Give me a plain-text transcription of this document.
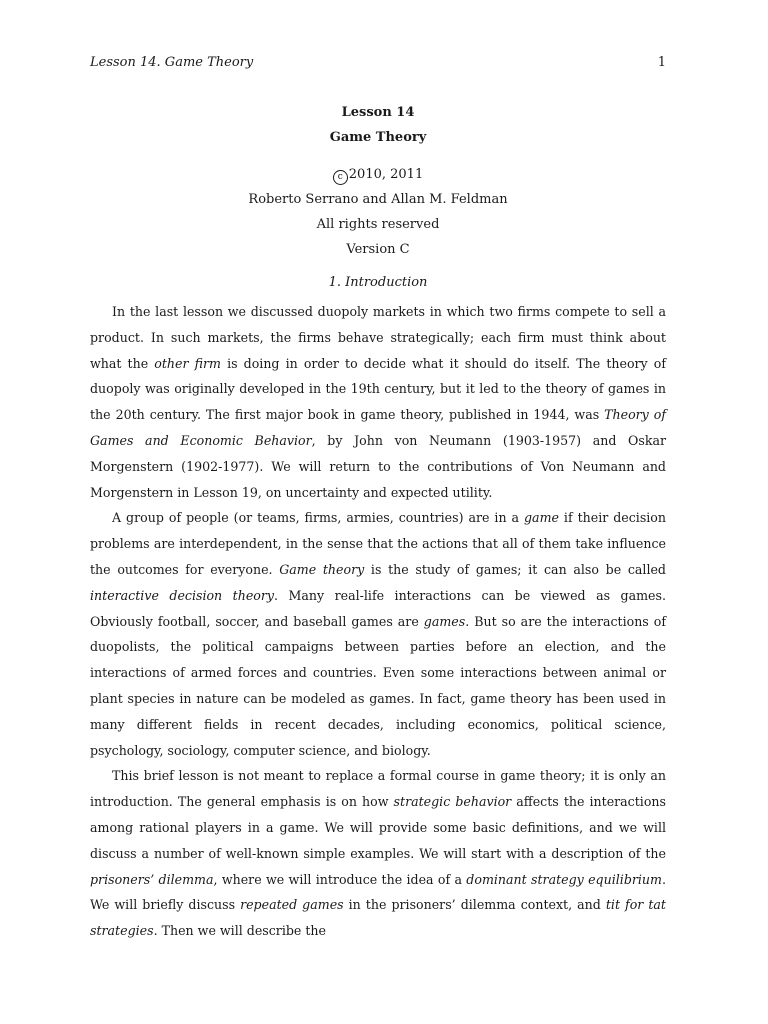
Lesson 14. Game Theory	1
Lesson 14
Game Theory
c 2010, 2011
Roberto Serrano and Allan M. Feldman
All rights reserved
Version C
1. Introduction

In the last lesson we discussed duopoly markets in which two firms compete to sell a product. In such markets, the firms behave strategically; each firm must think about what the other firm is doing in order to decide what it should do itself. The theory of duopoly was originally developed in the 19th century, but it led to the theory of games in the 20th century. The first major book in game theory, published in 1944, was Theory of Games and Economic Behavior, by John von Neumann (1903-1957) and Oskar Morgenstern (1902-1977). We will return to the contributions of Von Neumann and Morgenstern in Lesson 19, on uncertainty and expected utility.

A group of people (or teams, firms, armies, countries) are in a game if their decision problems are interdependent, in the sense that the actions that all of them take influence the outcomes for everyone. Game theory is the study of games; it can also be called interactive decision theory. Many real-life interactions can be viewed as games. Obviously football, soccer, and baseball games are games. But so are the interactions of duopolists, the political campaigns between parties before an election, and the interactions of armed forces and countries. Even some interactions between animal or plant species in nature can be modeled as games. In fact, game theory has been used in many different fields in recent decades, including economics, political science, psychology, sociology, computer science, and biology.

This brief lesson is not meant to replace a formal course in game theory; it is only an introduction. The general emphasis is on how strategic behavior affects the interactions among rational players in a game. We will provide some basic definitions, and we will discuss a number of well-known simple examples. We will start with a description of the prisoners’ dilemma, where we will introduce the idea of a dominant strategy equilibrium. We will briefly discuss repeated games in the prisoners’ dilemma context, and tit for tat strategies. Then we will describe the
